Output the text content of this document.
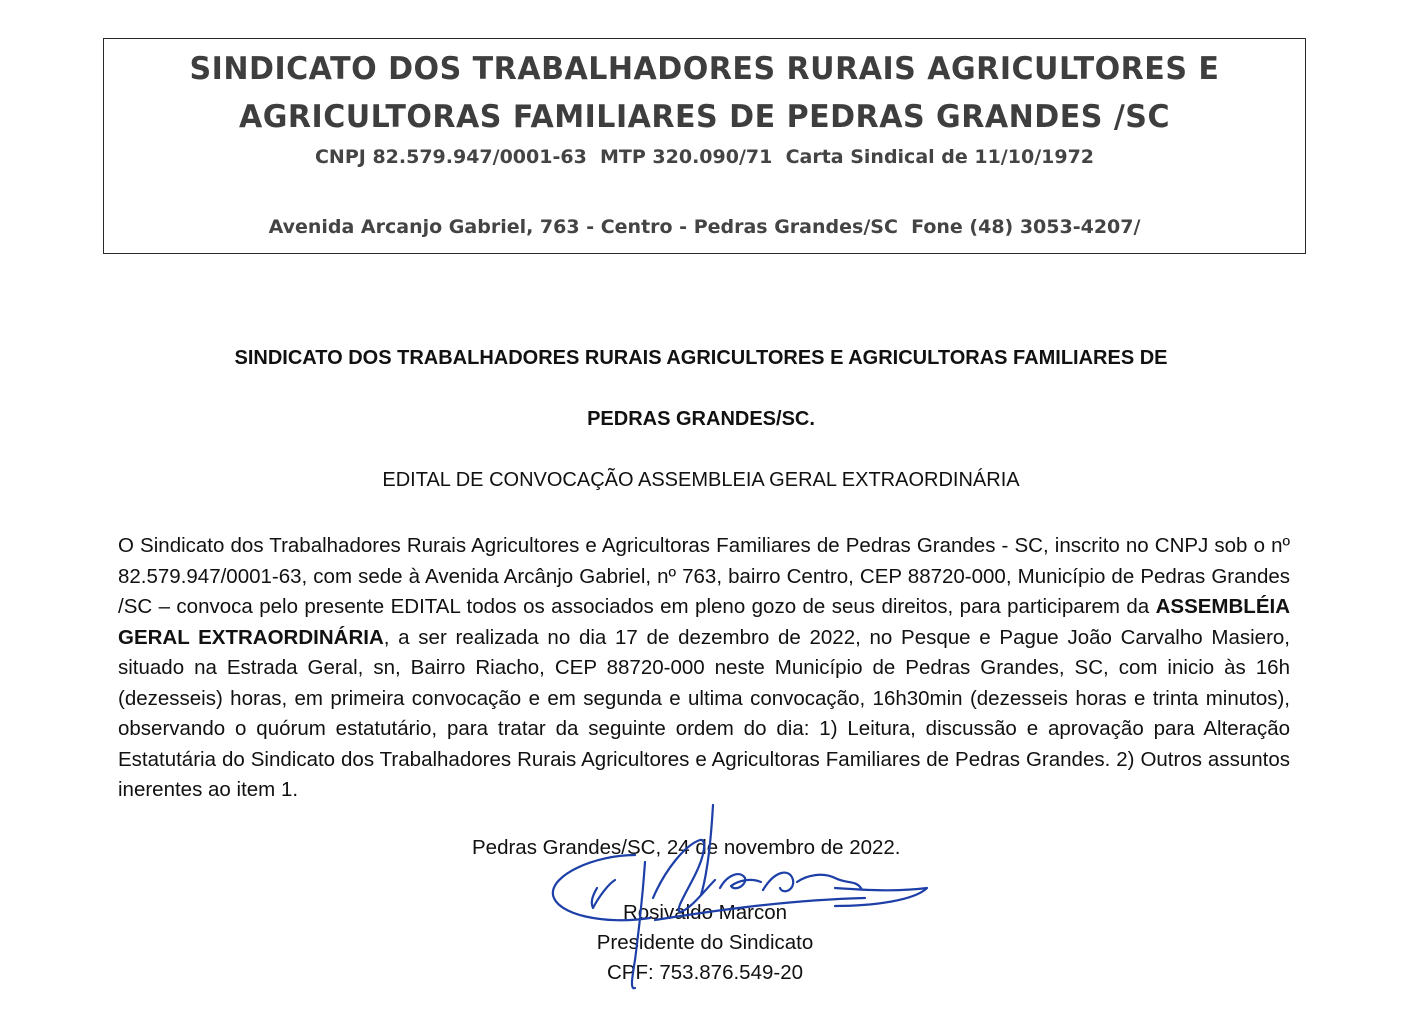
SINDICATO DOS TRABALHADORES RURAIS AGRICULTORES E
AGRICULTORAS FAMILIARES DE PEDRAS GRANDES /SC
CNPJ 82.579.947/0001-63  MTP 320.090/71  Carta Sindical de 11/10/1972
Avenida Arcanjo Gabriel, 763 - Centro - Pedras Grandes/SC  Fone (48) 3053-4207/
SINDICATO DOS TRABALHADORES RURAIS AGRICULTORES E AGRICULTORAS FAMILIARES DE
PEDRAS GRANDES/SC.
EDITAL DE CONVOCAÇÃO ASSEMBLEIA GERAL EXTRAORDINÁRIA
O Sindicato dos Trabalhadores Rurais Agricultores e Agricultoras Familiares de Pedras Grandes - SC, inscrito no CNPJ sob o nº 82.579.947/0001-63, com sede à Avenida Arcânjo Gabriel, nº 763, bairro Centro, CEP 88720-000, Município de Pedras Grandes /SC – convoca pelo presente EDITAL todos os associados em pleno gozo de seus direitos, para participarem da ASSEMBLÉIA GERAL EXTRAORDINÁRIA, a ser realizada no dia 17 de dezembro de 2022, no Pesque e Pague João Carvalho Masiero, situado na Estrada Geral, sn, Bairro Riacho, CEP 88720-000 neste Município de Pedras Grandes, SC, com inicio às 16h (dezesseis) horas, em primeira convocação e em segunda e ultima convocação, 16h30min (dezesseis horas e trinta minutos), observando o quórum estatutário, para tratar da seguinte ordem do dia: 1) Leitura, discussão e aprovação para Alteração Estatutária do Sindicato dos Trabalhadores Rurais Agricultores e Agricultoras Familiares de Pedras Grandes. 2) Outros assuntos inerentes ao item 1.
Pedras Grandes/SC, 24 de novembro de 2022.
Rosivaldo Marcon
Presidente do Sindicato
CPF: 753.876.549-20
